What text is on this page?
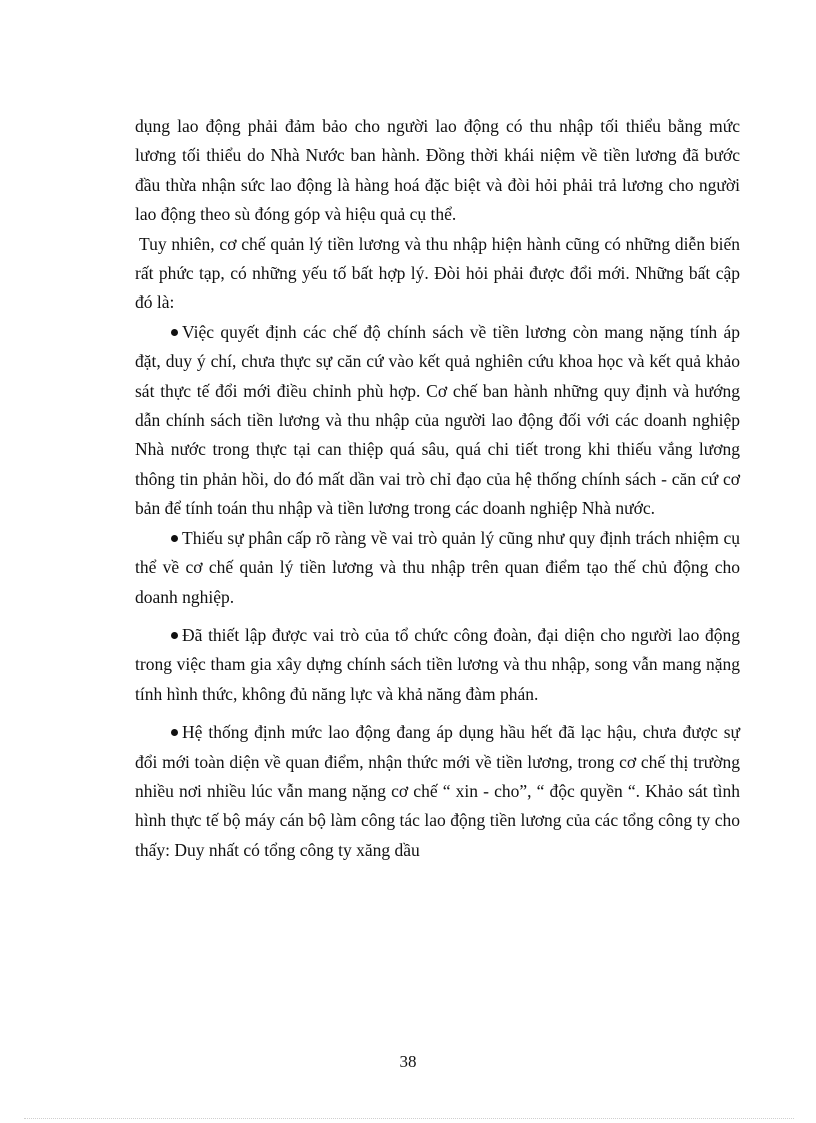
dụng lao động phải đảm bảo cho người lao động có thu nhập tối thiểu bằng mức lương tối thiểu do Nhà Nước ban hành. Đồng thời khái niệm về tiền lương đã bước đầu thừa nhận sức lao động là hàng hoá đặc biệt và đòi hỏi phải trả lương cho người lao động theo sù đóng góp và hiệu quả cụ thể.

Tuy nhiên, cơ chế quản lý tiền lương và thu nhập hiện hành cũng có những diễn biến rất phức tạp, có những yếu tố bất hợp lý. Đòi hỏi phải được đổi mới. Những bất cập đó là:

Việc quyết định các chế độ chính sách về tiền lương còn mang nặng tính áp đặt, duy ý chí, chưa thực sự căn cứ vào kết quả nghiên cứu khoa học và kết quả khảo sát thực tế đổi mới điều chỉnh phù hợp. Cơ chế ban hành những quy định và hướng dẫn chính sách tiền lương và thu nhập của người lao động đối với các doanh nghiệp Nhà nước trong thực tại can thiệp quá sâu, quá chi tiết trong khi thiếu vắng lương thông tin phản hồi, do đó mất dần vai trò chỉ đạo của hệ thống chính sách - căn cứ cơ bản để tính toán thu nhập và tiền lương trong các doanh nghiệp Nhà nước.

Thiếu sự phân cấp rõ ràng về vai trò quản lý cũng như quy định trách nhiệm cụ thể về cơ chế quản lý tiền lương và thu nhập trên quan điểm tạo thế chủ động cho doanh nghiệp.

Đã thiết lập được vai trò của tổ chức công đoàn, đại diện cho người lao động trong việc tham gia xây dựng chính sách tiền lương và thu nhập, song vẫn mang nặng tính hình thức, không đủ năng lực và khả năng đàm phán.

Hệ thống định mức lao động đang áp dụng hầu hết đã lạc hậu, chưa được sự đổi mới toàn diện về quan điểm, nhận thức mới về tiền lương, trong cơ chế thị trường nhiều nơi nhiều lúc vẫn mang nặng cơ chế “ xin - cho”, “ độc quyền “. Khảo sát tình hình thực tế bộ máy cán bộ làm công tác lao động tiền lương của các tổng công ty cho thấy: Duy nhất có tổng công ty xăng dầu

38
